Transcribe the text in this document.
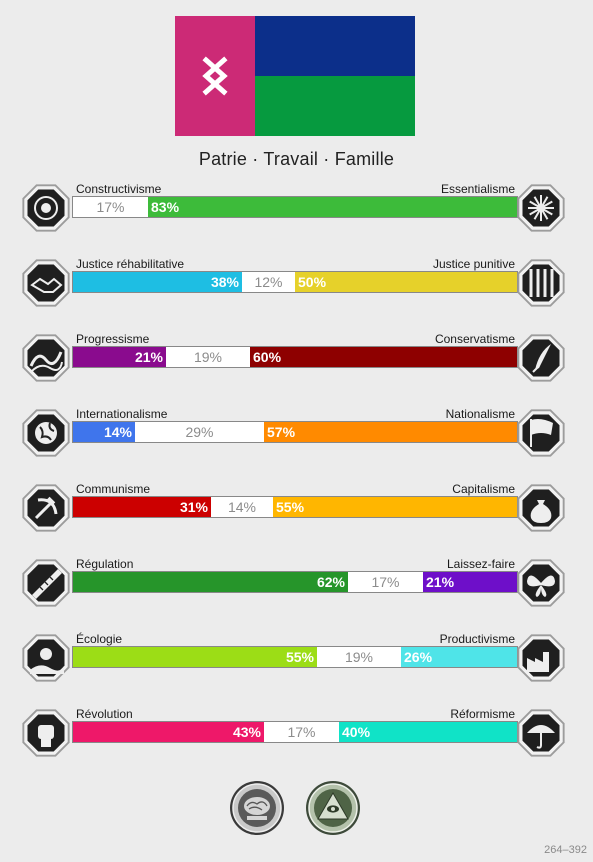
Patrie · Travail · Famille
Constructivisme	Essentialisme
17%	83%
Justice réhabilitative	Justice punitive
38%	12%	50%
Progressisme	Conservatisme
21%	19%	60%
Internationalisme	Nationalisme
14%	29%	57%
Communisme	Capitalisme
31%	14%	55%
Régulation	Laissez-faire
62%	17%	21%
Écologie	Productivisme
55%	19%	26%
Révolution	Réformisme
43%	17%	40%
264–392
